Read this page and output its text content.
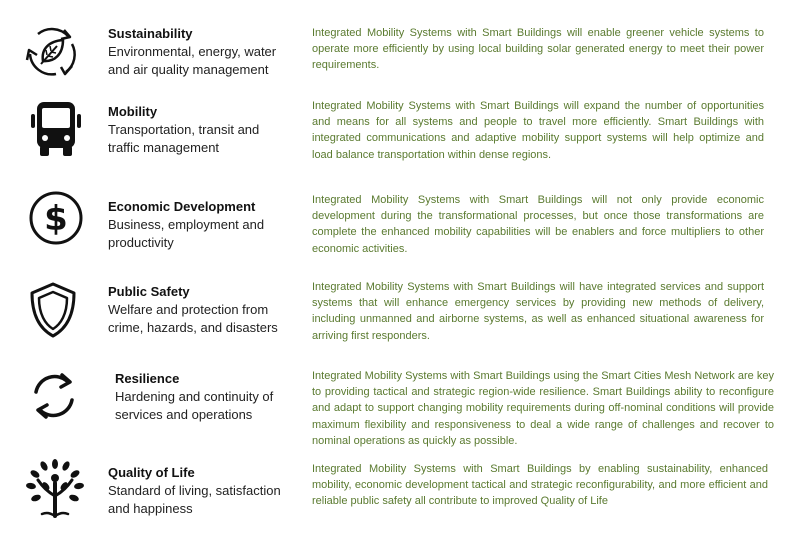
Sustainability
Environmental, energy, water and air quality management
Integrated Mobility Systems with Smart Buildings will enable greener vehicle systems to operate more efficiently by using local building solar generated energy to meet their power requirements.
Mobility
Transportation, transit and traffic management
Integrated Mobility Systems with Smart Buildings will expand the number of opportunities and means for all systems and people to travel more efficiently. Smart Buildings with integrated communications and adaptive mobility support systems will help optimize and load balance transportation within dense regions.
$	Economic Development
Business, employment and productivity
Integrated Mobility Systems with Smart Buildings will not only provide economic development during the transformational processes, but once those transformations are complete the enhanced mobility capabilities will be enablers and force multipliers to other economic activities.
Public Safety
Welfare and protection from crime, hazards, and disasters
Integrated Mobility Systems with Smart Buildings will have integrated services and support systems that will enhance emergency services by providing new methods of delivery, including unmanned and airborne systems, as well as enhanced situational awareness for arriving first responders.
Resilience
Hardening and continuity of services and operations
Integrated Mobility Systems with Smart Buildings using the Smart Cities Mesh Network are key to providing tactical and strategic region-wide resilience. Smart Buildings ability to reconfigure and adapt to support changing mobility requirements during off-nominal conditions will provide maximum flexibility and responsiveness to deal a wide range of challenges and recover to nominal operations as quickly as possible.
Quality of Life
Standard of living, satisfaction and happiness
Integrated Mobility Systems with Smart Buildings by enabling sustainability, enhanced mobility, economic development tactical and strategic reconfigurability, and more efficient and reliable public safety all contribute to improved Quality of Life
